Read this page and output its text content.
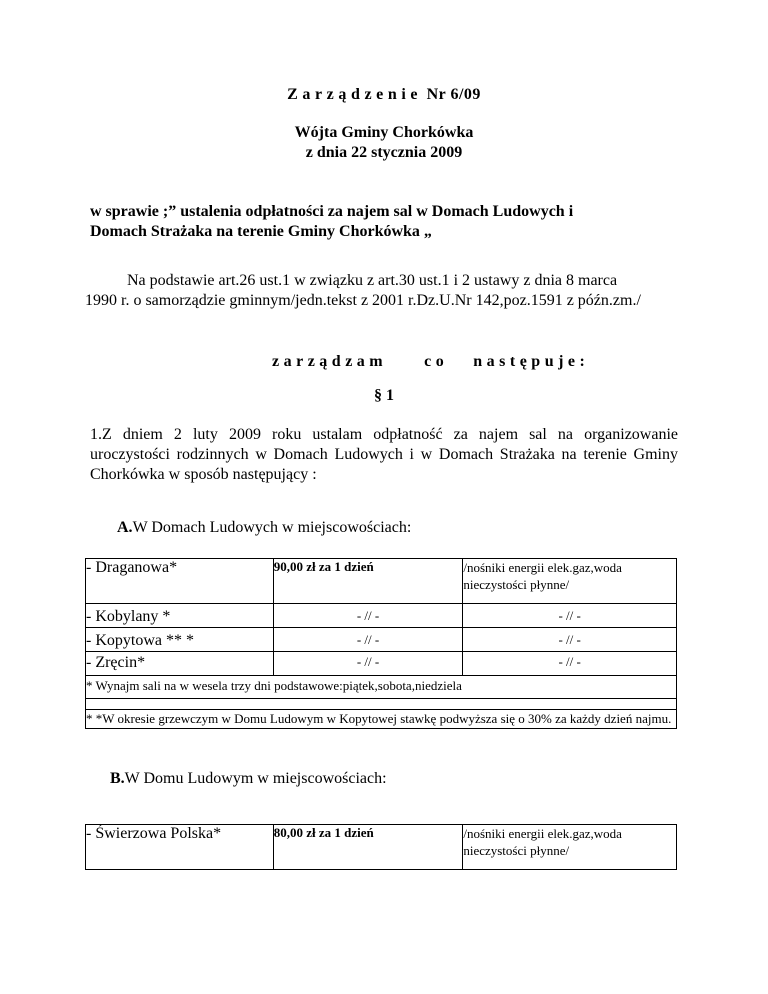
Zarządzenie Nr 6/09
Wójta Gminy Chorkówka
z dnia 22 stycznia 2009
w sprawie ;” ustalenia odpłatności za najem sal w Domach Ludowych i
Domach Strażaka na terenie Gminy Chorkówka „
Na podstawie art.26 ust.1 w związku z art.30 ust.1 i 2 ustawy z dnia 8 marca
1990 r. o samorządzie gminnym/jedn.tekst z 2001 r.Dz.U.Nr 142,poz.1591 z późn.zm./
zarządzam co następuje:
§ 1
1.Z dniem 2 luty 2009 roku ustalam odpłatność za najem sal na organizowanie
uroczystości rodzinnych w Domach Ludowych i w Domach Strażaka na terenie Gminy
Chorkówka w sposób następujący :
A.W Domach Ludowych w miejscowościach:
- Draganowa*	90,00 zł za 1 dzień	/nośniki energii elek.gaz,woda nieczystości płynne/
- Kobylany *	- // -	- // -
- Kopytowa ** *	- // -	- // -
- Zręcin*	- // -	- // -
* Wynajm sali na w wesela trzy dni podstawowe:piątek,sobota,niedziela		

* *W okresie grzewczym w Domu Ludowym w Kopytowej stawkę podwyższa się o 30% za każdy dzień najmu.		
B.W Domu Ludowym w miejscowościach:
- Świerzowa Polska*	80,00 zł za 1 dzień	/nośniki energii elek.gaz,woda nieczystości płynne/
